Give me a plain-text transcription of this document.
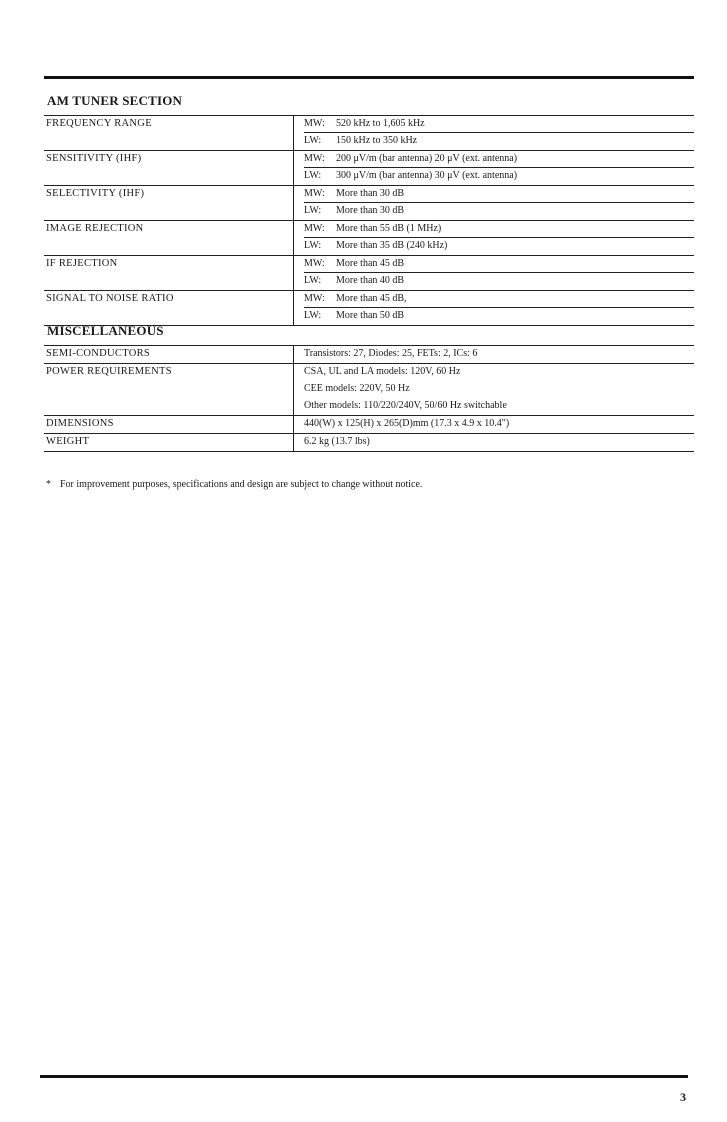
AM TUNER SECTION
FREQUENCY RANGE	MW: 520 kHz to 1,605 kHz
LW: 150 kHz to 350 kHz
SENSITIVITY (IHF)	MW: 200 μV/m (bar antenna) 20 μV (ext. antenna)
LW: 300 μV/m (bar antenna) 30 μV (ext. antenna)
SELECTIVITY (IHF)	MW: More than 30 dB
LW: More than 30 dB
IMAGE REJECTION	MW: More than 55 dB (1 MHz)
LW: More than 35 dB (240 kHz)
IF REJECTION	MW: More than 45 dB
LW: More than 40 dB
SIGNAL TO NOISE RATIO	MW: More than 45 dB,
LW: More than 50 dB
MISCELLANEOUS
SEMI-CONDUCTORS	Transistors: 27, Diodes: 25, FETs: 2, ICs: 6
POWER REQUIREMENTS	CSA, UL and LA models: 120V, 60 Hz
CEE models: 220V, 50 Hz
Other models: 110/220/240V, 50/60 Hz switchable
DIMENSIONS	440(W) x 125(H) x 265(D)mm (17.3 x 4.9 x 10.4")
WEIGHT	6.2 kg (13.7 lbs)
* For improvement purposes, specifications and design are subject to change without notice.
3
